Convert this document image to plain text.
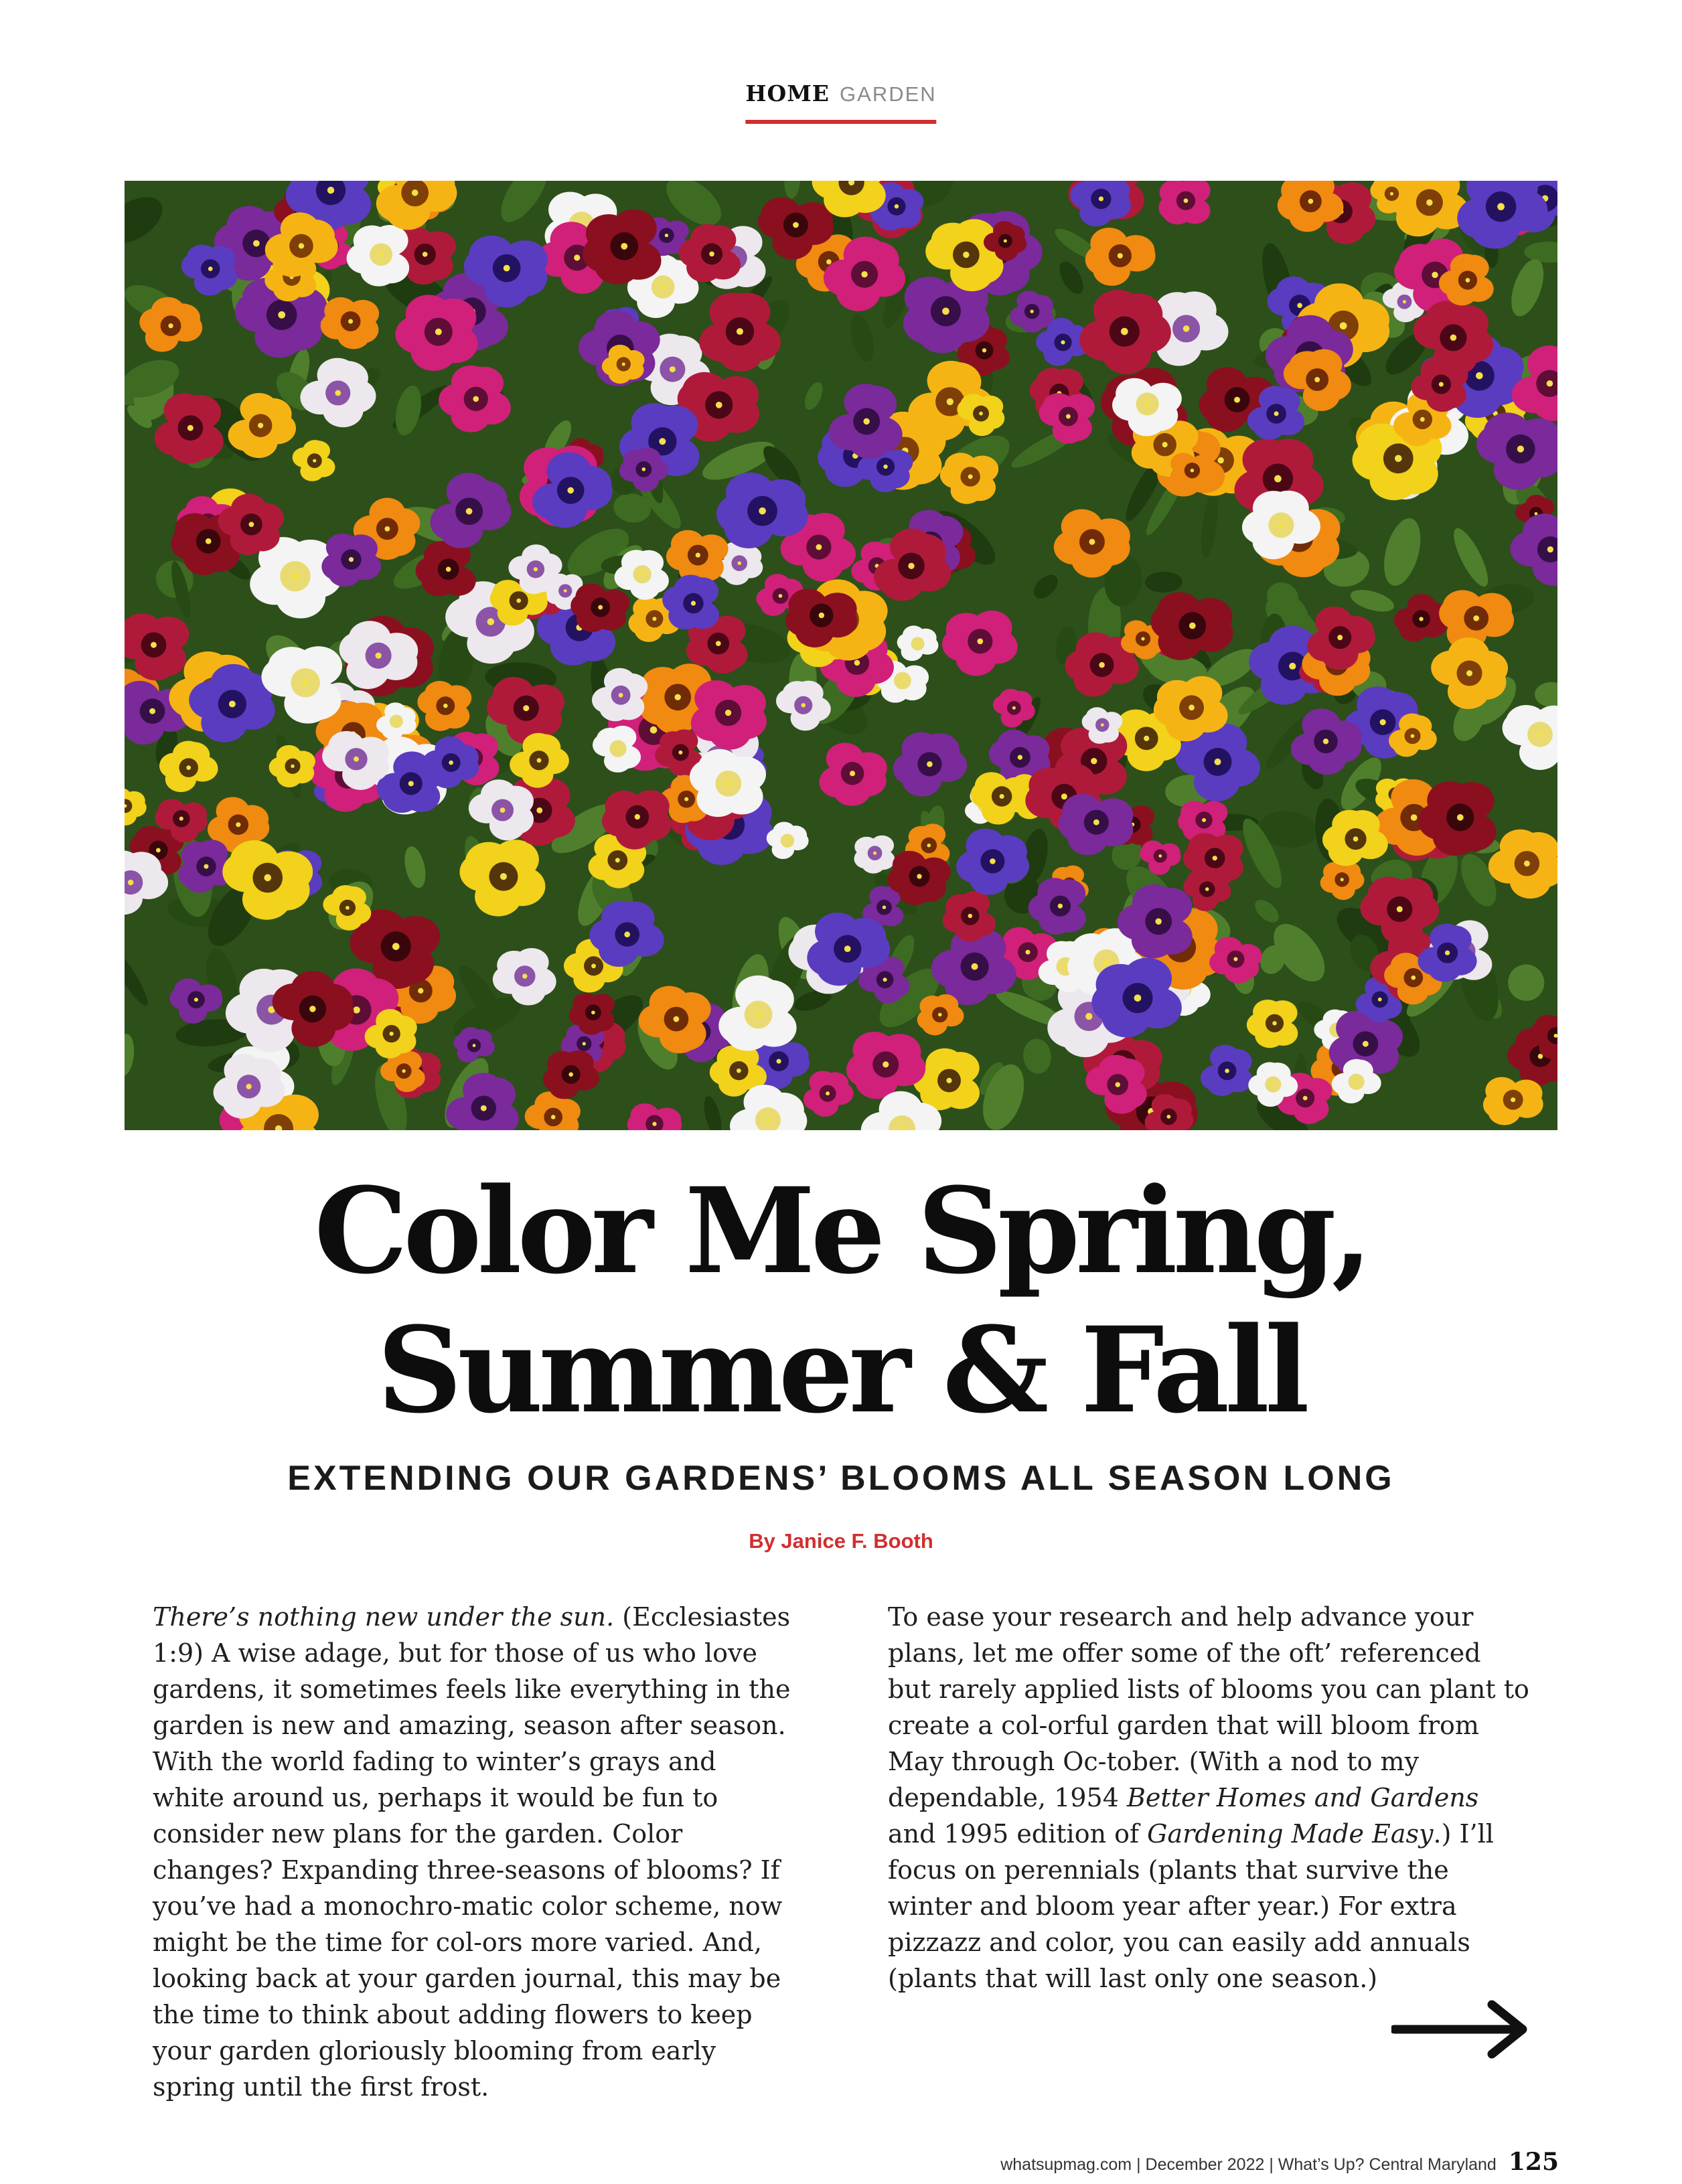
HOME GARDEN
Color Me Spring,
Summer & Fall
EXTENDING OUR GARDENS’ BLOOMS ALL SEASON LONG
By Janice F. Booth
There’s nothing new under the sun. (Ecclesiastes 1:9) A wise adage, but for those of us who love gardens, it sometimes feels like everything in the garden is new and amazing, season after season. With the world fading to winter’s grays and white around us, perhaps it would be fun to consider new plans for the garden. Color changes? Expanding three-seasons of blooms? If you’ve had a monochro-matic color scheme, now might be the time for col-ors more varied. And, looking back at your garden journal, this may be the time to think about adding flowers to keep your garden gloriously blooming from early spring until the first frost.
To ease your research and help advance your plans, let me offer some of the oft’ referenced but rarely applied lists of blooms you can plant to create a col-orful garden that will bloom from May through Oc-tober. (With a nod to my dependable, 1954 Better Homes and Gardens and 1995 edition of Gardening Made Easy.) I’ll focus on perennials (plants that survive the winter and bloom year after year.) For extra pizzazz and color, you can easily add annuals (plants that will last only one season.)
whatsupmag.com | December 2022 | What’s Up? Central Maryland 125
